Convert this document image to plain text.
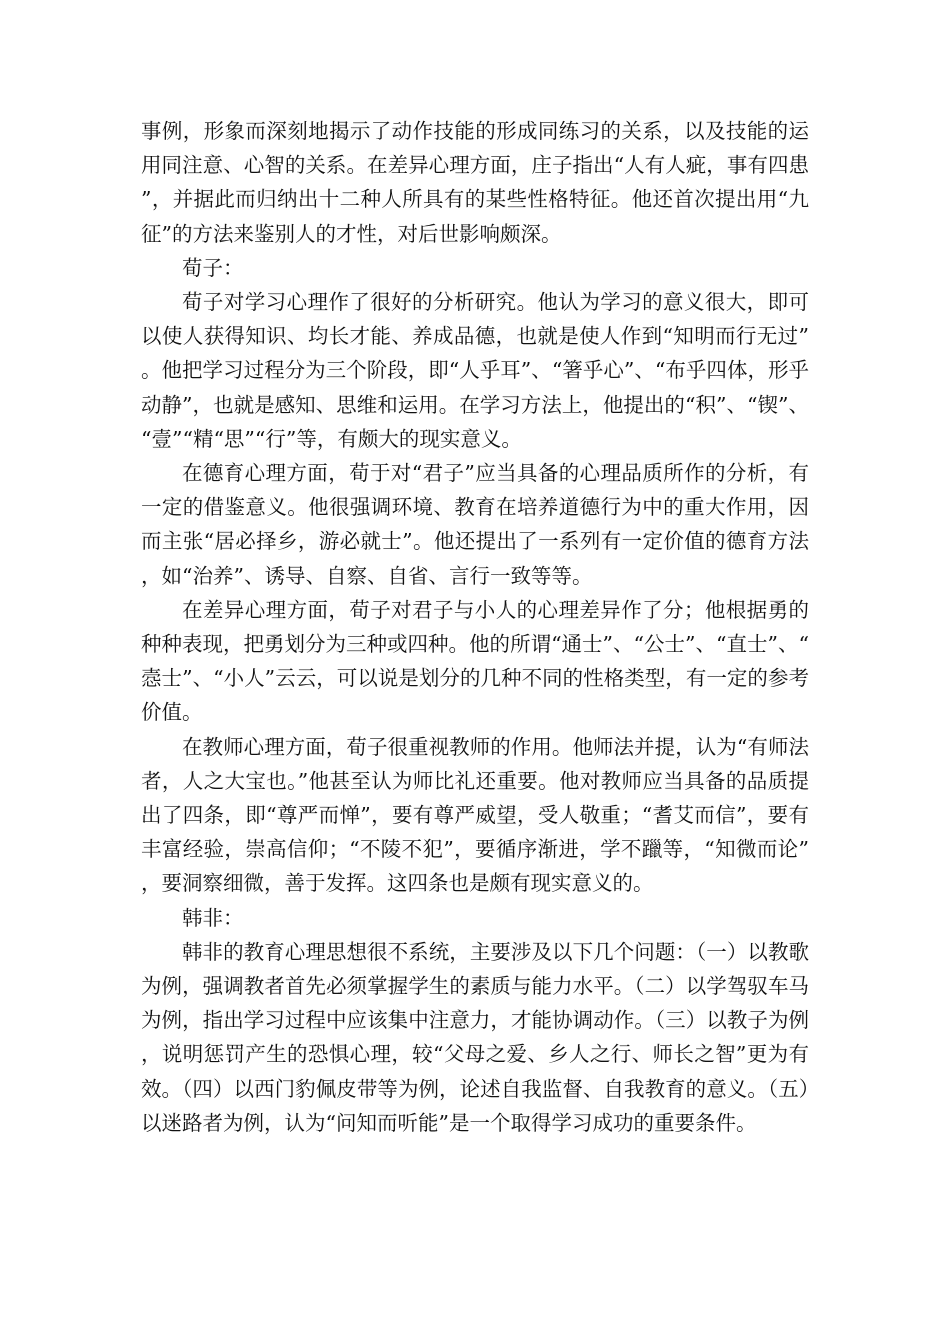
事例，形象而深刻地揭示了动作技能的形成同练习的关系，以及技能的运用同注意、心智的关系。在差异心理方面，庄子指出“人有人疵，事有四患”，并据此而归纳出十二种人所具有的某些性格特征。他还首次提出用“九征”的方法来鉴别人的才性，对后世影响颇深。

荀子：

荀子对学习心理作了很好的分析研究。他认为学习的意义很大，即可以使人获得知识、均长才能、养成品德，也就是使人作到“知明而行无过”。他把学习过程分为三个阶段，即“人乎耳”、“箸乎心”、“布乎四体，形乎动静”，也就是感知、思维和运用。在学习方法上，他提出的“积”、“锲”、“壹”“精“思”“行”等，有颇大的现实意义。

在德育心理方面，荀于对“君子”应当具备的心理品质所作的分析，有一定的借鉴意义。他很强调环境、教育在培养道德行为中的重大作用，因而主张“居必择乡，游必就士”。他还提出了一系列有一定价值的德育方法，如“治养”、诱导、自察、自省、言行一致等等。

在差异心理方面，荀子对君子与小人的心理差异作了分；他根据勇的种种表现，把勇划分为三种或四种。他的所谓“通士”、“公士”、“直士”、“悫士”、“小人”云云，可以说是划分的几种不同的性格类型，有一定的参考价值。

在教师心理方面，荀子很重视教师的作用。他师法并提，认为“有师法者，人之大宝也。”他甚至认为师比礼还重要。他对教师应当具备的品质提出了四条，即“尊严而惮”，要有尊严威望，受人敬重；“耆艾而信”，要有丰富经验，崇高信仰；“不陵不犯”，要循序渐进，学不躐等，“知微而论”，要洞察细微，善于发挥。这四条也是颇有现实意义的。

韩非：

韩非的教育心理思想很不系统，主要涉及以下几个问题：（一）以教歌为例，强调教者首先必须掌握学生的素质与能力水平。（二）以学驾驭车马为例，指出学习过程中应该集中注意力，才能协调动作。（三）以教子为例，说明惩罚产生的恐惧心理，较“父母之爱、乡人之行、师长之智”更为有效。（四）以西门豹佩皮带等为例，论述自我监督、自我教育的意义。（五）以迷路者为例，认为“问知而听能”是一个取得学习成功的重要条件。
